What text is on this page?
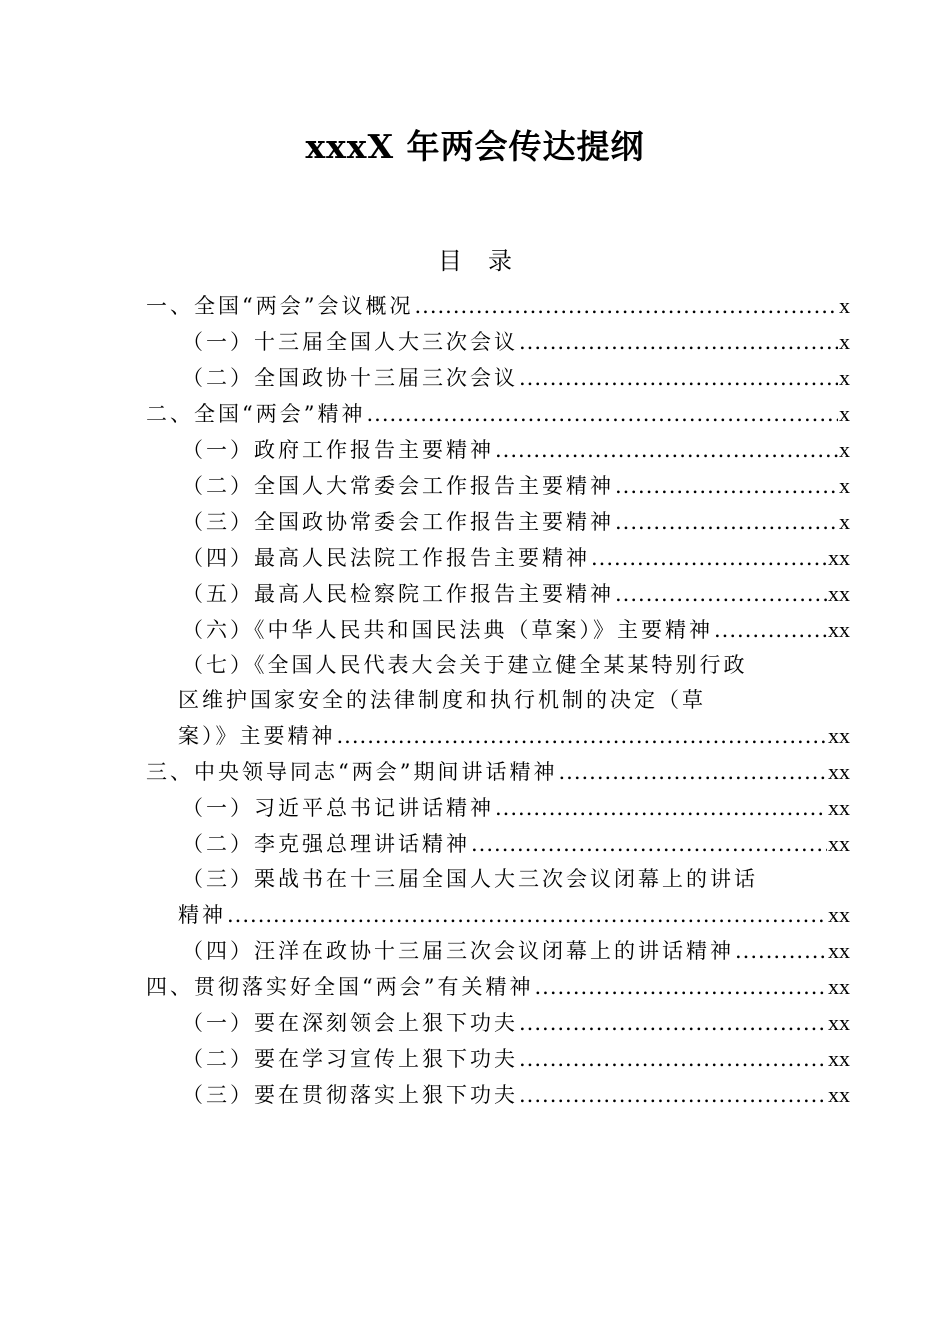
xxxX 年两会传达提纲
目录
一、全国“两会”会议概况 .....	x
（一）十三届全国人大三次会议 .....	x
（二）全国政协十三届三次会议 .....	x
二、全国“两会”精神 .....	x
（一）政府工作报告主要精神 .....	x
（二）全国人大常委会工作报告主要精神 .....	x
（三）全国政协常委会工作报告主要精神 .....	x
（四）最高人民法院工作报告主要精神 .....	xx
（五）最高人民检察院工作报告主要精神 .....	xx
（六）《中华人民共和国民法典（草案）》主要精神 .....	xx
（七）《全国人民代表大会关于建立健全某某特别行政
区维护国家安全的法律制度和执行机制的决定（草
案）》主要精神 .....	xx
三、中央领导同志“两会”期间讲话精神 .....	xx
（一）习近平总书记讲话精神 .....	xx
（二）李克强总理讲话精神 .....	xx
（三）栗战书在十三届全国人大三次会议闭幕上的讲话
精神 .....	xx
（四）汪洋在政协十三届三次会议闭幕上的讲话精神 .....	xx
四、贯彻落实好全国“两会”有关精神 .....	xx
（一）要在深刻领会上狠下功夫 .....	xx
（二）要在学习宣传上狠下功夫 .....	xx
（三）要在贯彻落实上狠下功夫 .....	xx
